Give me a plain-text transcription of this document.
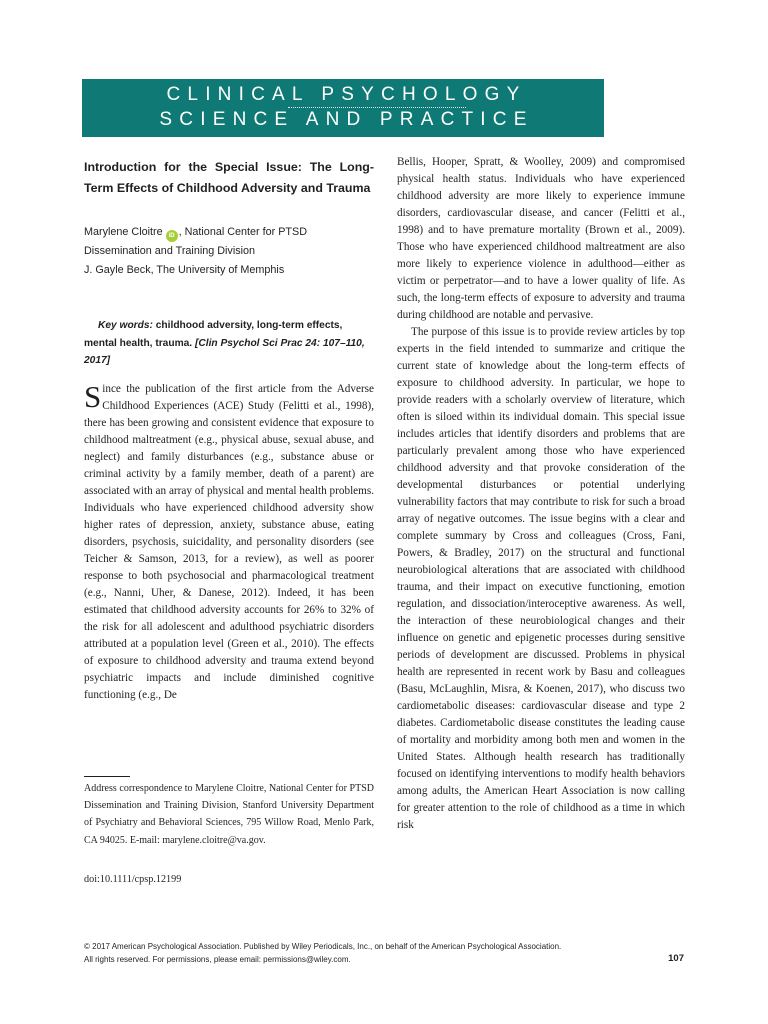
CLINICAL PSYCHOLOGY
SCIENCE AND PRACTICE
Introduction for the Special Issue: The Long-Term Effects of Childhood Adversity and Trauma
Marylene Cloitre iD , National Center for PTSD
Dissemination and Training Division
J. Gayle Beck, The University of Memphis
Key words: childhood adversity, long-term effects, mental health, trauma. [Clin Psychol Sci Prac 24: 107–110, 2017]
Since the publication of the first article from the Adverse Childhood Experiences (ACE) Study (Felitti et al., 1998), there has been growing and consistent evidence that exposure to childhood maltreatment (e.g., physical abuse, sexual abuse, and neglect) and family disturbances (e.g., substance abuse or criminal activity by a family member, death of a parent) are associated with an array of physical and mental health problems. Individuals who have experienced childhood adversity show higher rates of depression, anxiety, substance abuse, eating disorders, psychosis, suicidality, and personality disorders (see Teicher & Samson, 2013, for a review), as well as poorer response to both psychosocial and pharmacological treatment (e.g., Nanni, Uher, & Danese, 2012). Indeed, it has been estimated that childhood adversity accounts for 26% to 32% of the risk for all adolescent and adulthood psychiatric disorders attributed at a population level (Green et al., 2010). The effects of exposure to childhood adversity and trauma extend beyond psychiatric impacts and include diminished cognitive functioning (e.g., De
Address correspondence to Marylene Cloitre, National Center for PTSD Dissemination and Training Division, Stanford University Department of Psychiatry and Behavioral Sciences, 795 Willow Road, Menlo Park, CA 94025. E-mail: marylene.cloitre@va.gov.
doi:10.1111/cpsp.12199

Bellis, Hooper, Spratt, & Woolley, 2009) and compromised physical health status. Individuals who have experienced childhood adversity are more likely to experience immune disorders, cardiovascular disease, and cancer (Felitti et al., 1998) and to have premature mortality (Brown et al., 2009). Those who have experienced childhood maltreatment are also more likely to experience violence in adulthood—either as victim or perpetrator—and to have a lower quality of life. As such, the long-term effects of exposure to adversity and trauma during childhood are notable and pervasive.

The purpose of this issue is to provide review articles by top experts in the field intended to summarize and critique the current state of knowledge about the long-term effects of exposure to childhood adversity. In particular, we hope to provide readers with a scholarly overview of literature, which often is siloed within its individual domain. This special issue includes articles that identify disorders and problems that are particularly prevalent among those who have experienced childhood adversity and that provoke consideration of the developmental disturbances or potential underlying vulnerability factors that may contribute to risk for such a broad array of negative outcomes. The issue begins with a clear and complete summary by Cross and colleagues (Cross, Fani, Powers, & Bradley, 2017) on the structural and functional neurobiological alterations that are associated with childhood trauma, and their impact on executive functioning, emotion regulation, and dissociation/interoceptive awareness. As well, the interaction of these neurobiological changes and their influence on genetic and epigenetic processes during sensitive periods of development are discussed. Problems in physical health are represented in recent work by Basu and colleagues (Basu, McLaughlin, Misra, & Koenen, 2017), who discuss two cardiometabolic diseases: cardiovascular disease and type 2 diabetes. Cardiometabolic disease constitutes the leading cause of mortality and morbidity among both men and women in the United States. Although health research has traditionally focused on identifying interventions to modify health behaviors among adults, the American Heart Association is now calling for greater attention to the role of childhood as a time in which risk

© 2017 American Psychological Association. Published by Wiley Periodicals, Inc., on behalf of the American Psychological Association.
All rights reserved. For permissions, please email: permissions@wiley.com.	107
